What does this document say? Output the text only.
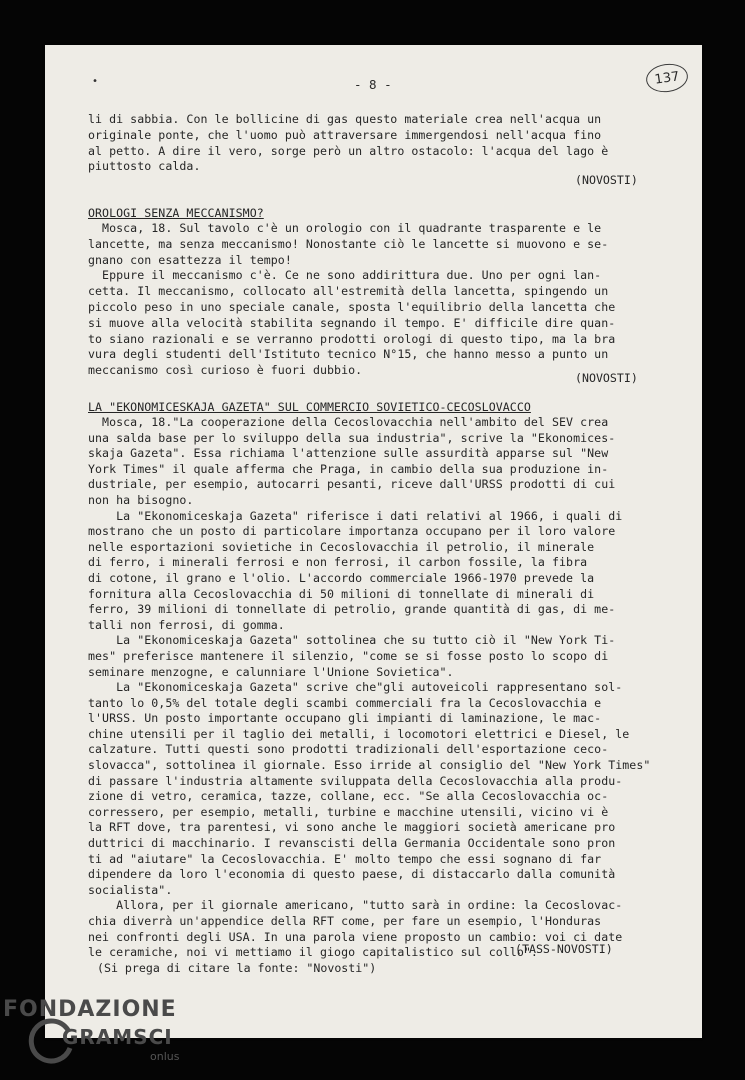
•	- 8 -	137
li di sabbia. Con le bollicine di gas questo materiale crea nell'acqua un
originale ponte, che l'uomo può attraversare immergendosi nell'acqua fino
al petto. A dire il vero, sorge però un altro ostacolo: l'acqua del lago è
piuttosto calda.
(NOVOSTI)
OROLOGI SENZA MECCANISMO?
Mosca, 18. Sul tavolo c'è un orologio con il quadrante trasparente e le
lancette, ma senza meccanismo! Nonostante ciò le lancette si muovono e se-
gnano con esattezza il tempo!
Eppure il meccanismo c'è. Ce ne sono addirittura due. Uno per ogni lan-
cetta. Il meccanismo, collocato all'estremità della lancetta, spingendo un
piccolo peso in uno speciale canale, sposta l'equilibrio della lancetta che
si muove alla velocità stabilita segnando il tempo. E' difficile dire quan-
to siano razionali e se verranno prodotti orologi di questo tipo, ma la bra
vura degli studenti dell'Istituto tecnico N°15, che hanno messo a punto un
meccanismo così curioso è fuori dubbio.
(NOVOSTI)
LA "EKONOMICESKAJA GAZETA" SUL COMMERCIO SOVIETICO-CECOSLOVACCO
Mosca, 18."La cooperazione della Cecoslovacchia nell'ambito del SEV crea
una salda base per lo sviluppo della sua industria", scrive la "Ekonomices-
skaja Gazeta". Essa richiama l'attenzione sulle assurdità apparse sul "New
York Times" il quale afferma che Praga, in cambio della sua produzione in-
dustriale, per esempio, autocarri pesanti, riceve dall'URSS prodotti di cui
non ha bisogno.
La "Ekonomiceskaja Gazeta" riferisce i dati relativi al 1966, i quali di
mostrano che un posto di particolare importanza occupano per il loro valore
nelle esportazioni sovietiche in Cecoslovacchia il petrolio, il minerale
di ferro, i minerali ferrosi e non ferrosi, il carbon fossile, la fibra
di cotone, il grano e l'olio. L'accordo commerciale 1966-1970 prevede la
fornitura alla Cecoslovacchia di 50 milioni di tonnellate di minerali di
ferro, 39 milioni di tonnellate di petrolio, grande quantità di gas, di me-
talli non ferrosi, di gomma.
La "Ekonomiceskaja Gazeta" sottolinea che su tutto ciò il "New York Ti-
mes" preferisce mantenere il silenzio, "come se si fosse posto lo scopo di
seminare menzogne, e calunniare l'Unione Sovietica".
La "Ekonomiceskaja Gazeta" scrive che"gli autoveicoli rappresentano sol-
tanto lo 0,5% del totale degli scambi commerciali fra la Cecoslovacchia e
l'URSS. Un posto importante occupano gli impianti di laminazione, le mac-
chine utensili per il taglio dei metalli, i locomotori elettrici e Diesel, le
calzature. Tutti questi sono prodotti tradizionali dell'esportazione ceco-
slovacca", sottolinea il giornale. Esso irride al consiglio del "New York Times"
di passare l'industria altamente sviluppata della Cecoslovacchia alla produ-
zione di vetro, ceramica, tazze, collane, ecc. "Se alla Cecoslovacchia oc-
corressero, per esempio, metalli, turbine e macchine utensili, vicino vi è
la RFT dove, tra parentesi, vi sono anche le maggiori società americane pro
duttrici di macchinario. I revanscisti della Germania Occidentale sono pron
ti ad "aiutare" la Cecoslovacchia. E' molto tempo che essi sognano di far
dipendere da loro l'economia di questo paese, di distaccarlo dalla comunità
socialista".
Allora, per il giornale americano, "tutto sarà in ordine: la Cecoslovac-
chia diverrà un'appendice della RFT come, per fare un esempio, l'Honduras
nei confronti degli USA. In una parola viene proposto un cambio: voi ci date
le ceramiche, noi vi mettiamo il giogo capitalistico sul collo".
(TASS-NOVOSTI)
(Si prega di citare la fonte: "Novosti")
FONDAZIONE
GRAMSCI
onlus
